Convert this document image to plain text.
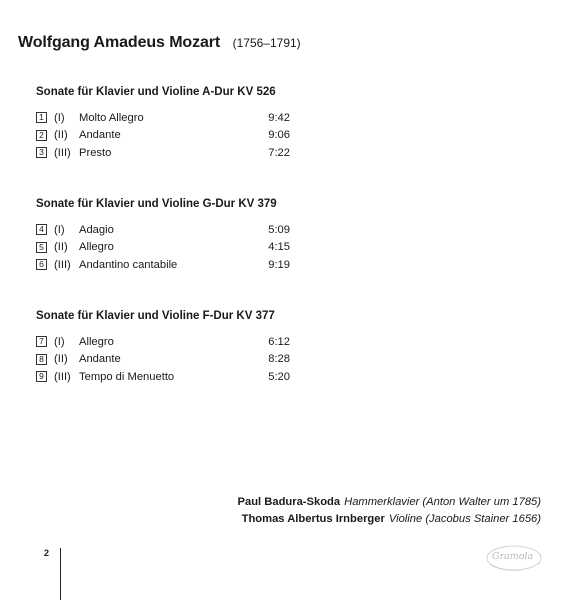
Wolfgang Amadeus Mozart (1756–1791)
Sonate für Klavier und Violine A-Dur KV 526
1 (I)	Molto Allegro	9:42
2 (II)	Andante	9:06
3 (III) Presto	7:22
Sonate für Klavier und Violine G-Dur KV 379
4 (I)	Adagio	5:09
5 (II)	Allegro	4:15
6 (III) Andantino cantabile	9:19
Sonate für Klavier und Violine F-Dur KV 377
7 (I)	Allegro	6:12
8 (II)	Andante	8:28
9 (III) Tempo di Menuetto	5:20
Paul Badura-Skoda Hammerklavier (Anton Walter um 1785)
Thomas Albertus Irnberger Violine (Jacobus Stainer 1656)
2	Gramola
